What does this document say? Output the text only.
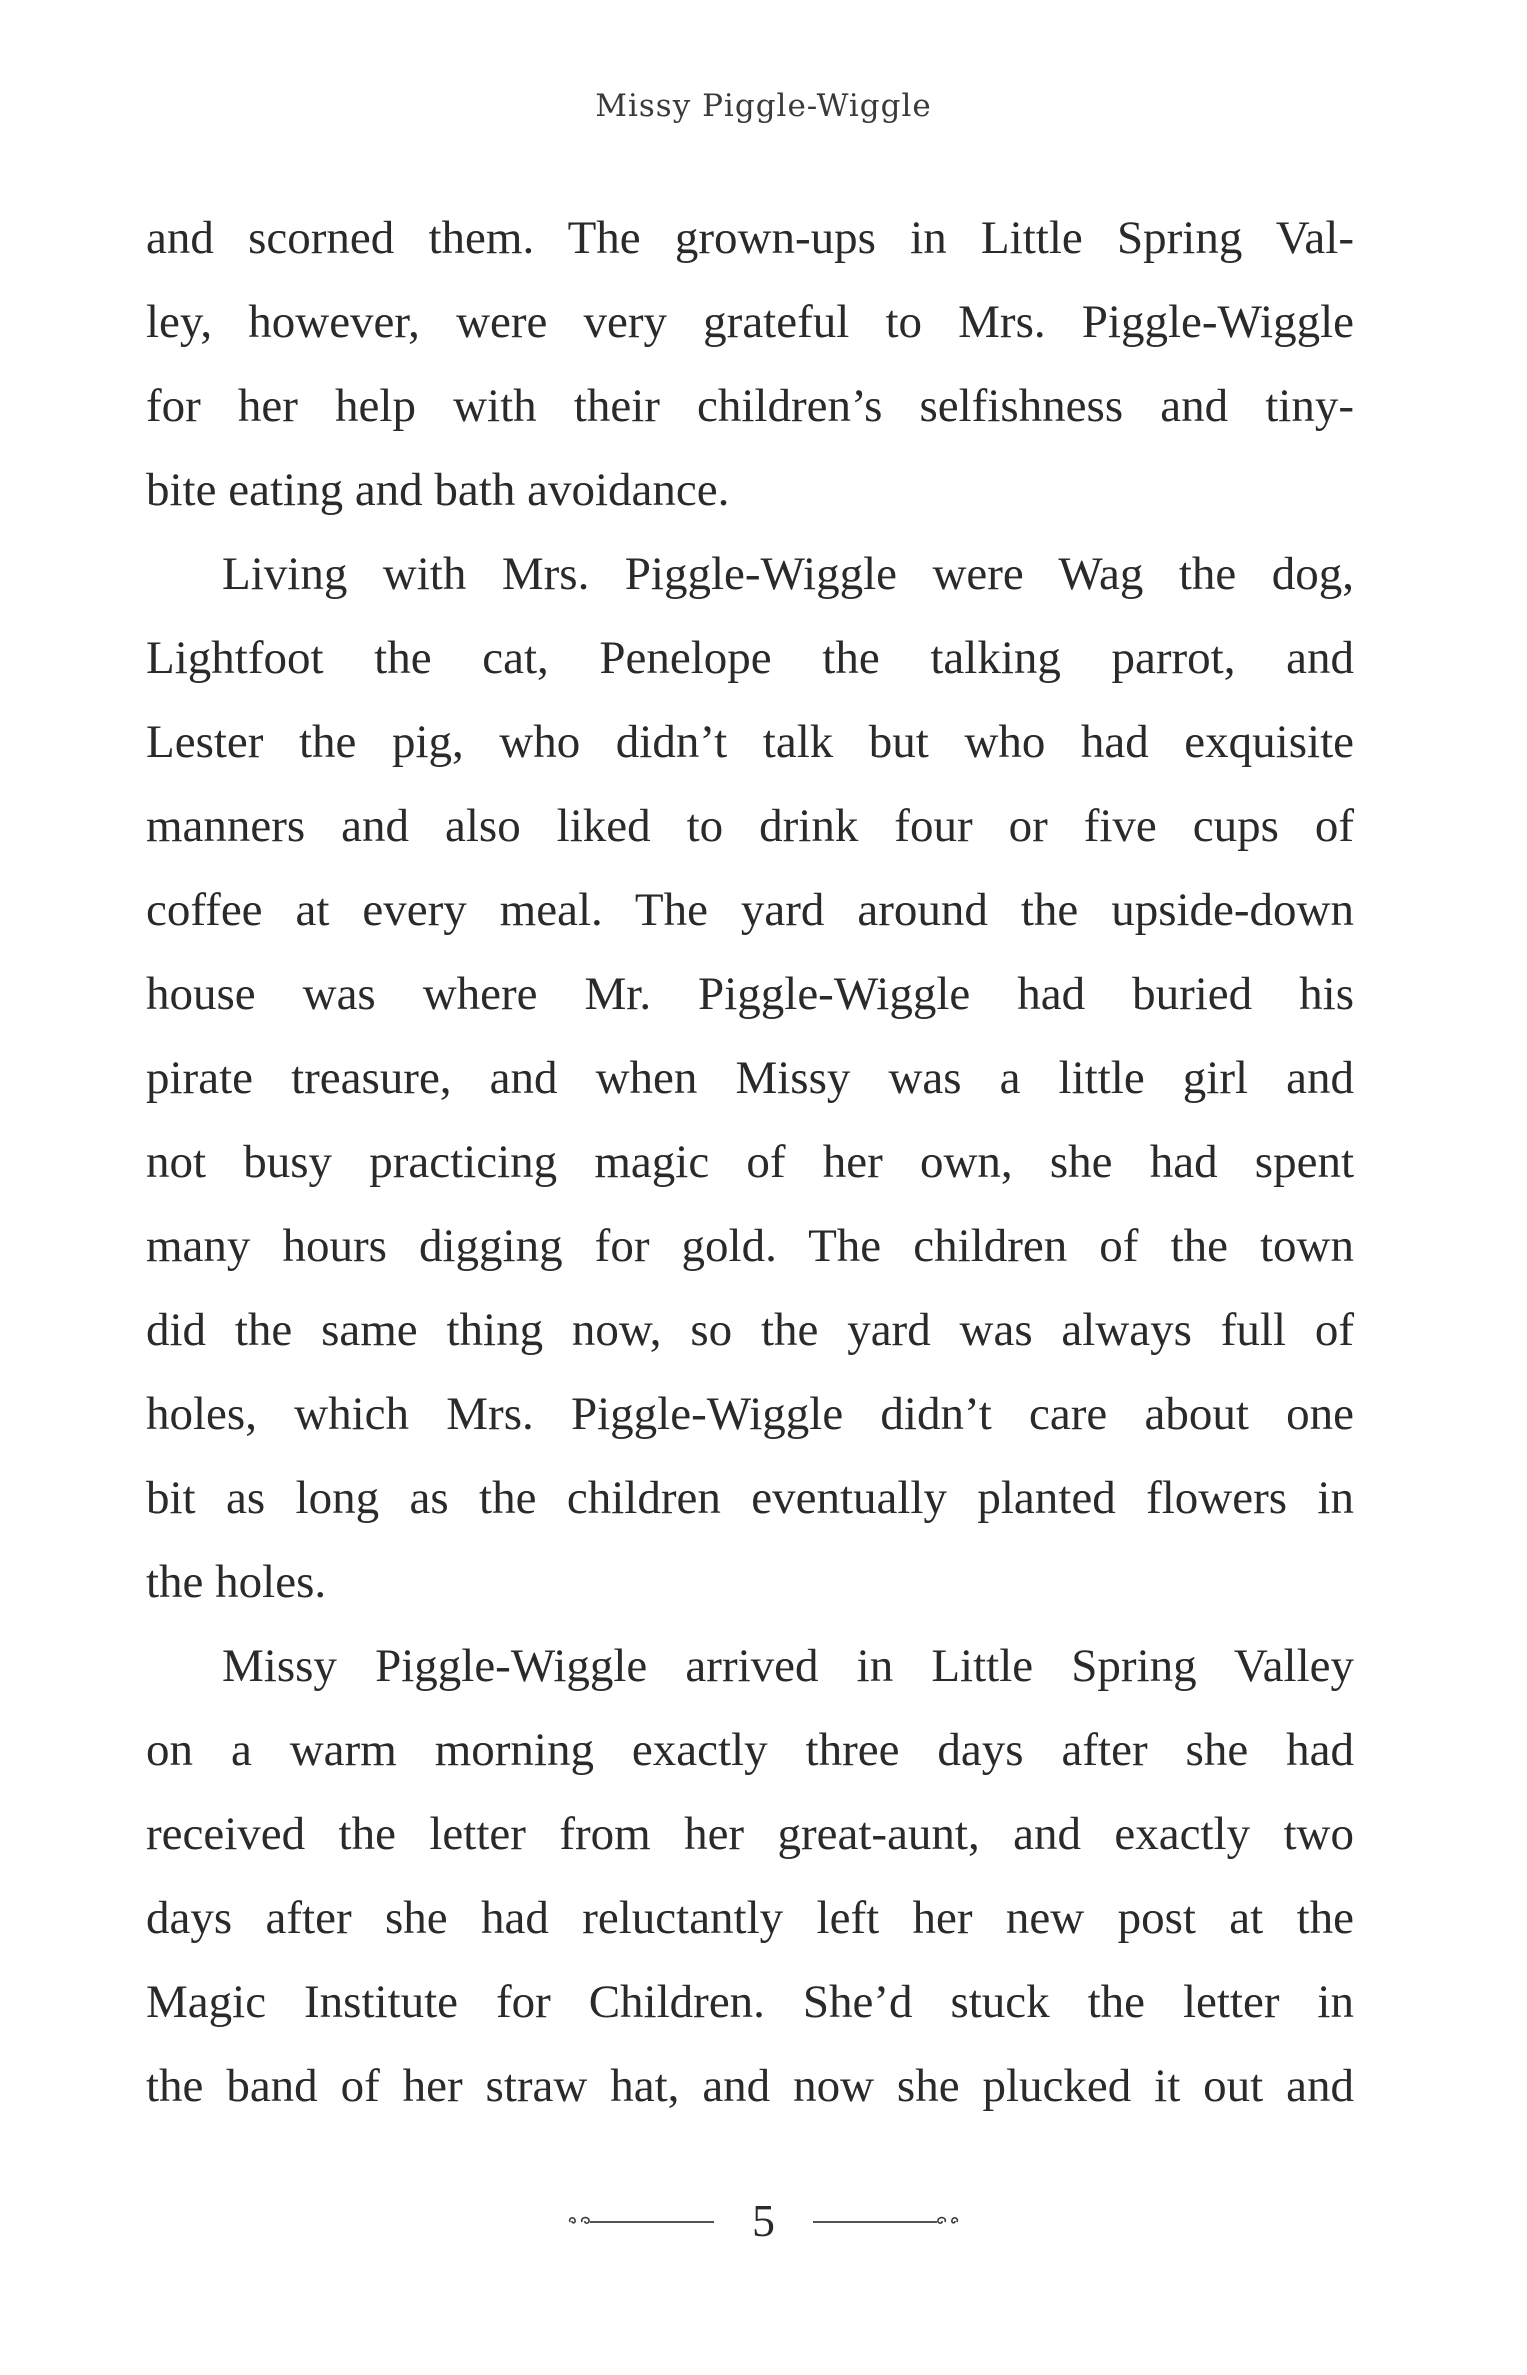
Missy Piggle-Wiggle
and scorned them. The grown-ups in Little Spring Val-
ley, however, were very grateful to Mrs. Piggle-Wiggle
for her help with their children’s selfishness and tiny-
bite eating and bath avoidance.
Living with Mrs. Piggle-Wiggle were Wag the dog,
Lightfoot the cat, Penelope the talking parrot, and
Lester the pig, who didn’t talk but who had exquisite
manners and also liked to drink four or five cups of
coffee at every meal. The yard around the upside-down
house was where Mr. Piggle-Wiggle had buried his
pirate treasure, and when Missy was a little girl and
not busy practicing magic of her own, she had spent
many hours digging for gold. The children of the town
did the same thing now, so the yard was always full of
holes, which Mrs. Piggle-Wiggle didn’t care about one
bit as long as the children eventually planted flowers in
the holes.
Missy Piggle-Wiggle arrived in Little Spring Valley
on a warm morning exactly three days after she had
received the letter from her great-aunt, and exactly two
days after she had reluctantly left her new post at the
Magic Institute for Children. She’d stuck the letter in
the band of her straw hat, and now she plucked it out and
5
